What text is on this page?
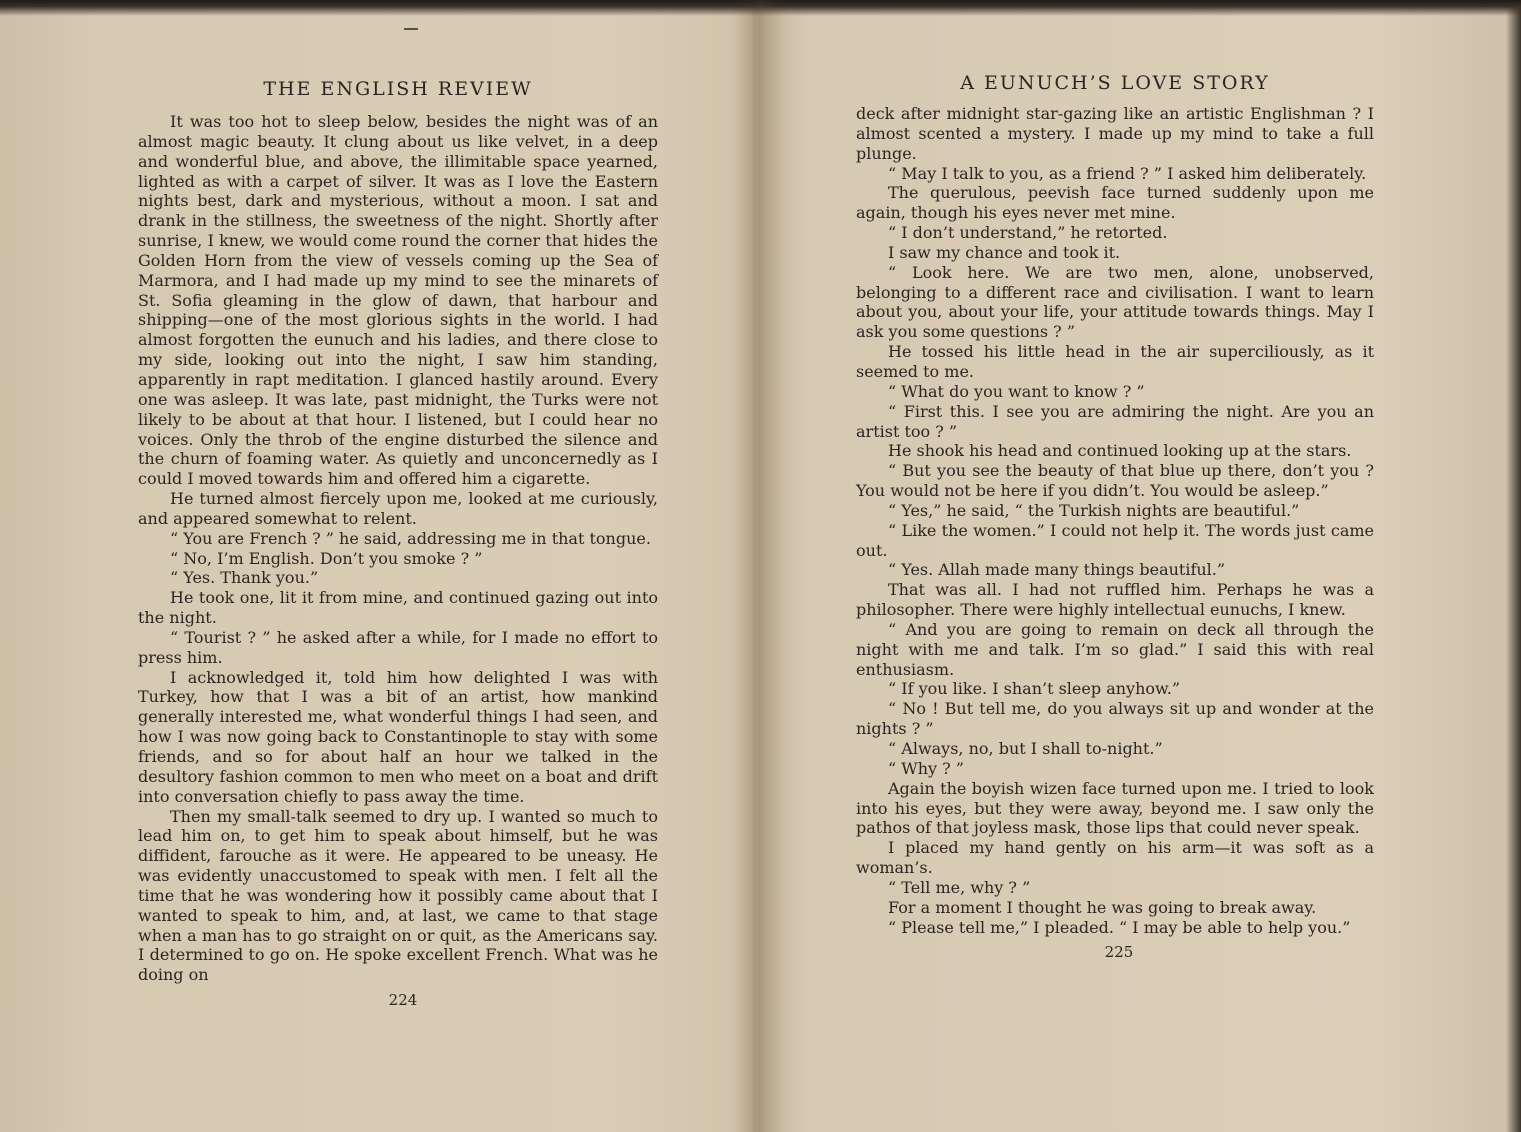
THE ENGLISH REVIEW

It was too hot to sleep below, besides the night was of an almost magic beauty. It clung about us like velvet, in a deep and wonderful blue, and above, the illimitable space yearned, lighted as with a carpet of silver. It was as I love the Eastern nights best, dark and mysterious, without a moon. I sat and drank in the stillness, the sweetness of the night. Shortly after sunrise, I knew, we would come round the corner that hides the Golden Horn from the view of vessels coming up the Sea of Marmora, and I had made up my mind to see the minarets of St. Sofia gleaming in the glow of dawn, that harbour and shipping—one of the most glorious sights in the world. I had almost forgotten the eunuch and his ladies, and there close to my side, looking out into the night, I saw him standing, apparently in rapt meditation. I glanced hastily around. Every one was asleep. It was late, past midnight, the Turks were not likely to be about at that hour. I listened, but I could hear no voices. Only the throb of the engine disturbed the silence and the churn of foaming water. As quietly and unconcernedly as I could I moved towards him and offered him a cigarette.

He turned almost fiercely upon me, looked at me curiously, and appeared somewhat to relent.

“ You are French ? ” he said, addressing me in that tongue.

“ No, I’m English. Don’t you smoke ? ”

“ Yes. Thank you.”

He took one, lit it from mine, and continued gazing out into the night.

“ Tourist ? ” he asked after a while, for I made no effort to press him.

I acknowledged it, told him how delighted I was with Turkey, how that I was a bit of an artist, how mankind generally interested me, what wonderful things I had seen, and how I was now going back to Constantinople to stay with some friends, and so for about half an hour we talked in the desultory fashion common to men who meet on a boat and drift into conversation chiefly to pass away the time.

Then my small-talk seemed to dry up. I wanted so much to lead him on, to get him to speak about himself, but he was diffident, farouche as it were. He appeared to be uneasy. He was evidently unaccustomed to speak with men. I felt all the time that he was wondering how it possibly came about that I wanted to speak to him, and, at last, we came to that stage when a man has to go straight on or quit, as the Americans say. I determined to go on. He spoke excellent French. What was he doing on

224
A EUNUCH’S LOVE STORY

deck after midnight star-gazing like an artistic Englishman ? I almost scented a mystery. I made up my mind to take a full plunge.

“ May I talk to you, as a friend ? ” I asked him deliberately.

The querulous, peevish face turned suddenly upon me again, though his eyes never met mine.

“ I don’t understand,” he retorted.

I saw my chance and took it.

“ Look here. We are two men, alone, unobserved, belonging to a different race and civilisation. I want to learn about you, about your life, your attitude towards things. May I ask you some questions ? ”

He tossed his little head in the air superciliously, as it seemed to me.

“ What do you want to know ? ”

“ First this. I see you are admiring the night. Are you an artist too ? ”

He shook his head and continued looking up at the stars.

“ But you see the beauty of that blue up there, don’t you ? You would not be here if you didn’t. You would be asleep.”

“ Yes,” he said, “ the Turkish nights are beautiful.”

“ Like the women.” I could not help it. The words just came out.

“ Yes. Allah made many things beautiful.”

That was all. I had not ruffled him. Perhaps he was a philosopher. There were highly intellectual eunuchs, I knew.

“ And you are going to remain on deck all through the night with me and talk. I’m so glad.” I said this with real enthusiasm.

“ If you like. I shan’t sleep anyhow.”

“ No ! But tell me, do you always sit up and wonder at the nights ? ”

“ Always, no, but I shall to-night.”

“ Why ? ”

Again the boyish wizen face turned upon me. I tried to look into his eyes, but they were away, beyond me. I saw only the pathos of that joyless mask, those lips that could never speak.

I placed my hand gently on his arm—it was soft as a woman’s.

“ Tell me, why ? ”

For a moment I thought he was going to break away.

“ Please tell me,” I pleaded. “ I may be able to help you.”

225
